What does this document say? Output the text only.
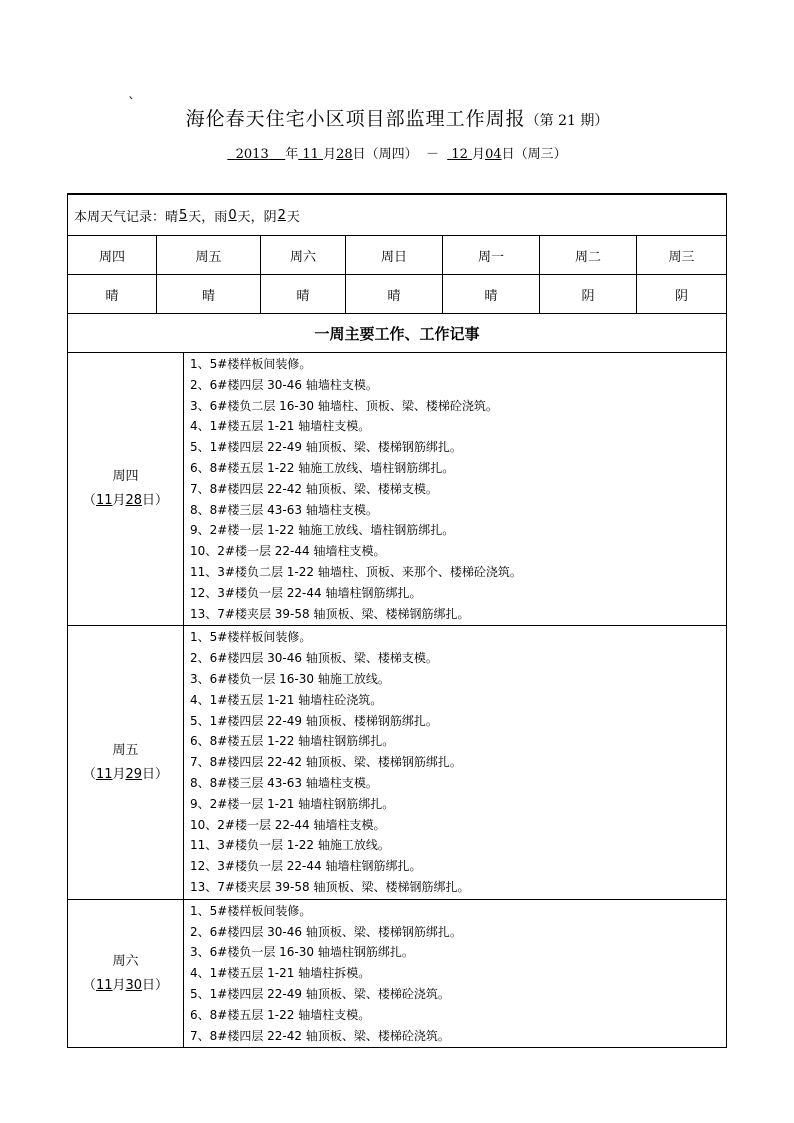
`
海伦春天住宅小区项目部监理工作周报（第 21 期）
2013 年 11 月28日（周四） － 12 月04日（周三）
本周天气记录：晴 5 天，雨 0 天，阴 2 天
周四	周五	周六	周日	周一	周二	周三
晴	晴	晴	晴	晴	阴	阴
一周主要工作、工作记事
周四
（11月28日）
1、5#楼样板间装修。
2、6#楼四层 30-46 轴墙柱支模。
3、6#楼负二层 16-30 轴墙柱、顶板、梁、楼梯砼浇筑。
4、1#楼五层 1-21 轴墙柱支模。
5、1#楼四层 22-49 轴顶板、梁、楼梯钢筋绑扎。
6、8#楼五层 1-22 轴施工放线、墙柱钢筋绑扎。
7、8#楼四层 22-42 轴顶板、梁、楼梯支模。
8、8#楼三层 43-63 轴墙柱支模。
9、2#楼一层 1-22 轴施工放线、墙柱钢筋绑扎。
10、2#楼一层 22-44 轴墙柱支模。
11、3#楼负二层 1-22 轴墙柱、顶板、来那个、楼梯砼浇筑。
12、3#楼负一层 22-44 轴墙柱钢筋绑扎。
13、7#楼夹层 39-58 轴顶板、梁、楼梯钢筋绑扎。
周五
（11月29日）
1、5#楼样板间装修。
2、6#楼四层 30-46 轴顶板、梁、楼梯支模。
3、6#楼负一层 16-30 轴施工放线。
4、1#楼五层 1-21 轴墙柱砼浇筑。
5、1#楼四层 22-49 轴顶板、楼梯钢筋绑扎。
6、8#楼五层 1-22 轴墙柱钢筋绑扎。
7、8#楼四层 22-42 轴顶板、梁、楼梯钢筋绑扎。
8、8#楼三层 43-63 轴墙柱支模。
9、2#楼一层 1-21 轴墙柱钢筋绑扎。
10、2#楼一层 22-44 轴墙柱支模。
11、3#楼负一层 1-22 轴施工放线。
12、3#楼负一层 22-44 轴墙柱钢筋绑扎。
13、7#楼夹层 39-58 轴顶板、梁、楼梯钢筋绑扎。
周六
（11月30日）
1、5#楼样板间装修。
2、6#楼四层 30-46 轴顶板、梁、楼梯钢筋绑扎。
3、6#楼负一层 16-30 轴墙柱钢筋绑扎。
4、1#楼五层 1-21 轴墙柱拆模。
5、1#楼四层 22-49 轴顶板、梁、楼梯砼浇筑。
6、8#楼五层 1-22 轴墙柱支模。
7、8#楼四层 22-42 轴顶板、梁、楼梯砼浇筑。
